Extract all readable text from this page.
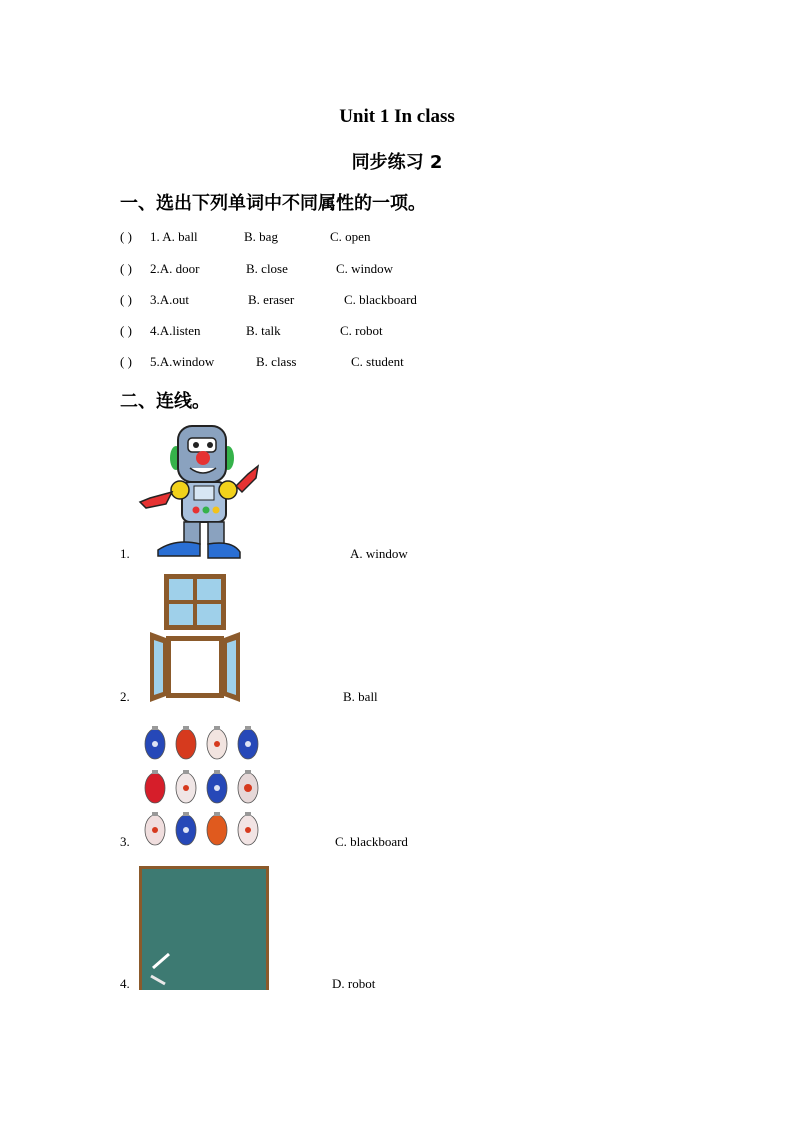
Unit 1 In class
同步练习 2
一、选出下列单词中不同属性的一项。
( ) 1. A. ball	B. bag	C. open
( ) 2.A. door	B. close	C. window
( ) 3.A.out	B. eraser	C. blackboard
( ) 4.A.listen	B. talk	C. robot
( ) 5.A.window	B. class	C. student
二、连线。
1.	A. window
2.	B. ball
3.	C. blackboard
4.	D. robot
